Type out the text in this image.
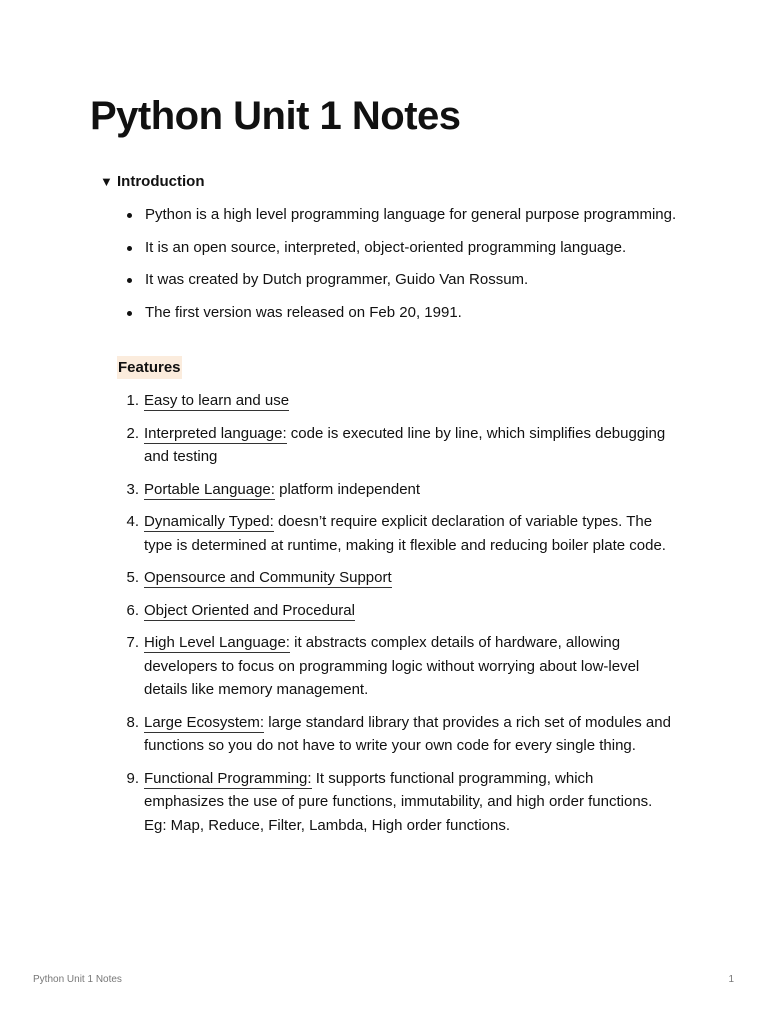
Python Unit 1 Notes
▼ Introduction
Python is a high level programming language for general purpose programming.
It is an open source, interpreted, object-oriented programming language.
It was created by Dutch programmer, Guido Van Rossum.
The first version was released on Feb 20, 1991.
Features
1. Easy to learn and use
2. Interpreted language: code is executed line by line, which simplifies debugging and testing
3. Portable Language: platform independent
4. Dynamically Typed: doesn’t require explicit declaration of variable types. The type is determined at runtime, making it flexible and reducing boiler plate code.
5. Opensource and Community Support
6. Object Oriented and Procedural
7. High Level Language: it abstracts complex details of hardware, allowing developers to focus on programming logic without worrying about low-level details like memory management.
8. Large Ecosystem: large standard library that provides a rich set of modules and functions so you do not have to write your own code for every single thing.
9. Functional Programming: It supports functional programming, which emphasizes the use of pure functions, immutability, and high order functions. Eg: Map, Reduce, Filter, Lambda, High order functions.
Python Unit 1 Notes	1
